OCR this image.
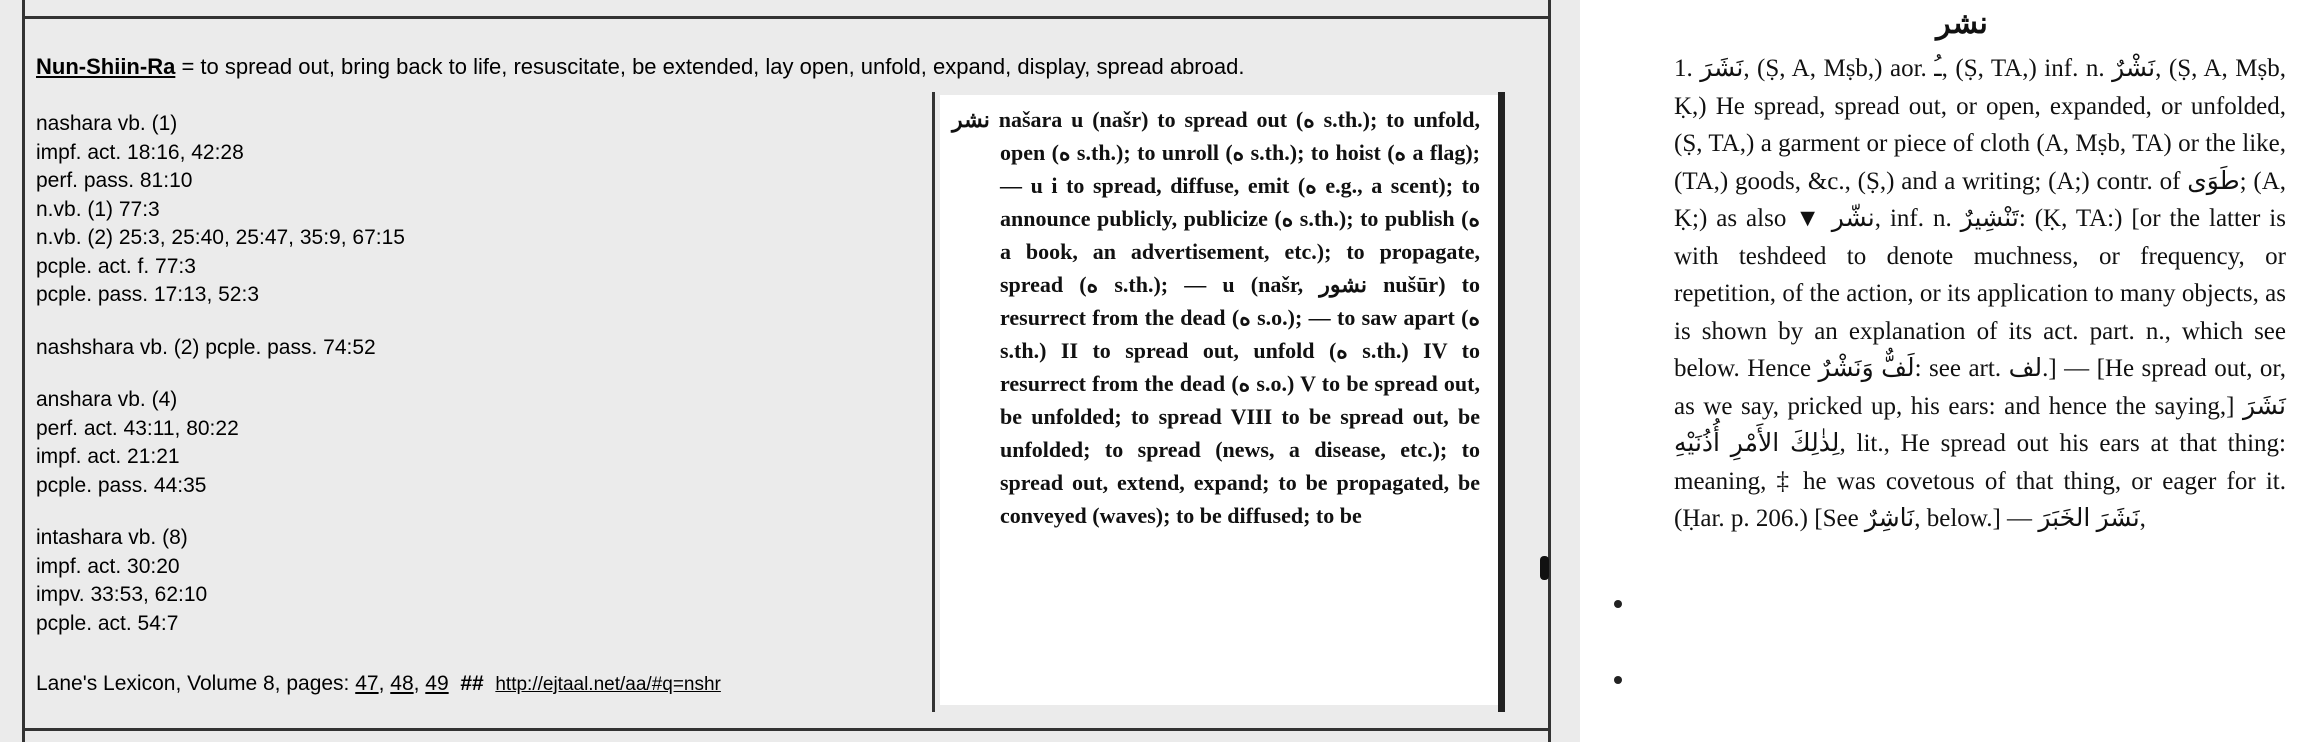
Nun-Shiin-Ra = to spread out, bring back to life, resuscitate, be extended, lay open, unfold, expand, display, spread abroad.
nashara vb. (1)
impf. act. 18:16, 42:28
perf. pass. 81:10
n.vb. (1) 77:3
n.vb. (2) 25:3, 25:40, 25:47, 35:9, 67:15
pcple. act. f. 77:3
pcple. pass. 17:13, 52:3
nashshara vb. (2) pcple. pass. 74:52
anshara vb. (4)
perf. act. 43:11, 80:22
impf. act. 21:21
pcple. pass. 44:35
intashara vb. (8)
impf. act. 30:20
impv. 33:53, 62:10
pcple. act. 54:7
Lane's Lexicon, Volume 8, pages: 47, 48, 49  ##  http://ejtaal.net/aa/#q=nshr

نشر našara u (našr) to spread out (ه s.th.); to unfold, open (ه s.th.); to unroll (ه s.th.); to hoist (ه a flag); — u i to spread, diffuse, emit (ه e.g., a scent); to announce publicly, publicize (ه s.th.); to publish (ه a book, an advertisement, etc.); to propagate, spread (ه s.th.); — u (našr, نشور nušūr) to resurrect from the dead (ه s.o.); — to saw apart (ه s.th.) II to spread out, unfold (ه s.th.) IV to resurrect from the dead (ه s.o.) V to be spread out, be unfolded; to spread VIII to be spread out, be unfolded; to spread (news, a disease, etc.); to spread out, extend, expand; to be propagated, be conveyed (waves); to be diffused; to be

نشر

1. نَشَرَ, (Ṣ, A, Mṣb,) aor. ـُ, (Ṣ, TA,) inf. n. نَشْرٌ, (Ṣ, A, Mṣb, Ḳ,) He spread, spread out, or open, expanded, or unfolded, (Ṣ, TA,) a garment or piece of cloth (A, Mṣb, TA) or the like, (TA,) goods, &c., (Ṣ,) and a writing; (A;) contr. of طَوَى; (A, Ḳ;) as also ▼ نشّر, inf. n. تَنْشِيرٌ: (Ḳ, TA:) [or the latter is with teshdeed to denote muchness, or frequency, or repetition, of the action, or its application to many objects, as is shown by an explanation of its act. part. n., which see below. Hence لَفٌّ وَنَشْرٌ: see art. لف.] — [He spread out, or, as we say, pricked up, his ears: and hence the saying,] نَشَرَ لِذٰلِكَ الأَمْرِ أُذُنَيْهِ, lit., He spread out his ears at that thing: meaning, ‡ he was covetous of that thing, or eager for it. (Ḥar. p. 206.) [See نَاشِرٌ, below.] — نَشَرَ الخَبَرَ,
